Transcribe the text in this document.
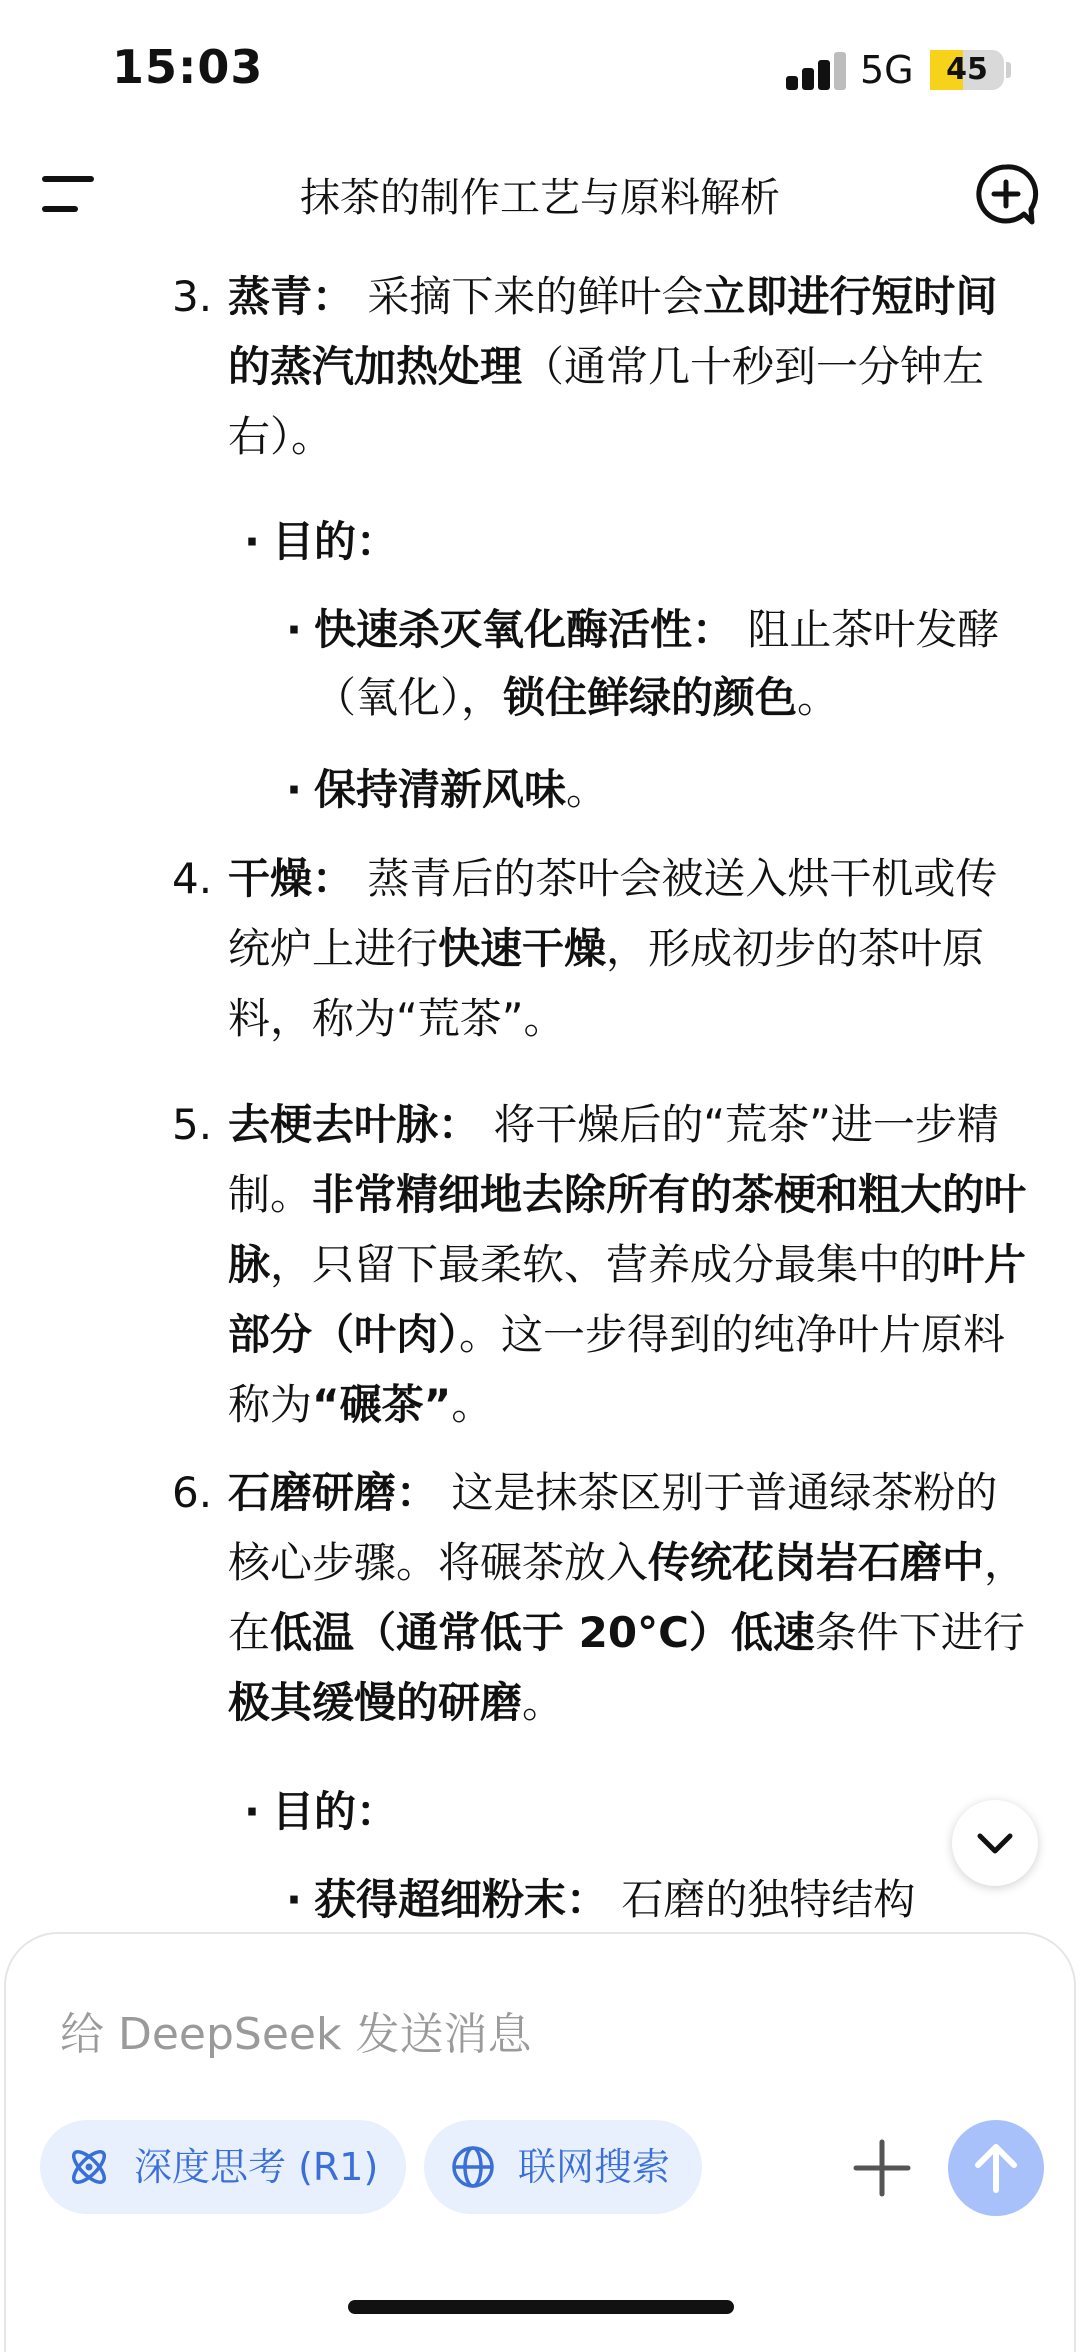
15:03	5G	45
抹茶的制作工艺与原料解析
3. 蒸青： 采摘下来的鲜叶会立即进行短时间的蒸汽加热处理（通常几十秒到一分钟左右）。
· 目的：
· 快速杀灭氧化酶活性： 阻止茶叶发酵（氧化），锁住鲜绿的颜色。
· 保持清新风味。
4. 干燥： 蒸青后的茶叶会被送入烘干机或传统炉上进行快速干燥，形成初步的茶叶原料，称为“荒茶”。
5. 去梗去叶脉： 将干燥后的“荒茶”进一步精制。非常精细地去除所有的茶梗和粗大的叶脉，只留下最柔软、营养成分最集中的叶片部分（叶肉）。这一步得到的纯净叶片原料称为“碾茶”。
6. 石磨研磨： 这是抹茶区别于普通绿茶粉的核心步骤。将碾茶放入传统花岗岩石磨中，在低温（通常低于 20°C）低速条件下进行极其缓慢的研磨。
· 目的：
· 获得超细粉末： 石磨的独特结构

给 DeepSeek 发送消息
深度思考 (R1)	联网搜索
